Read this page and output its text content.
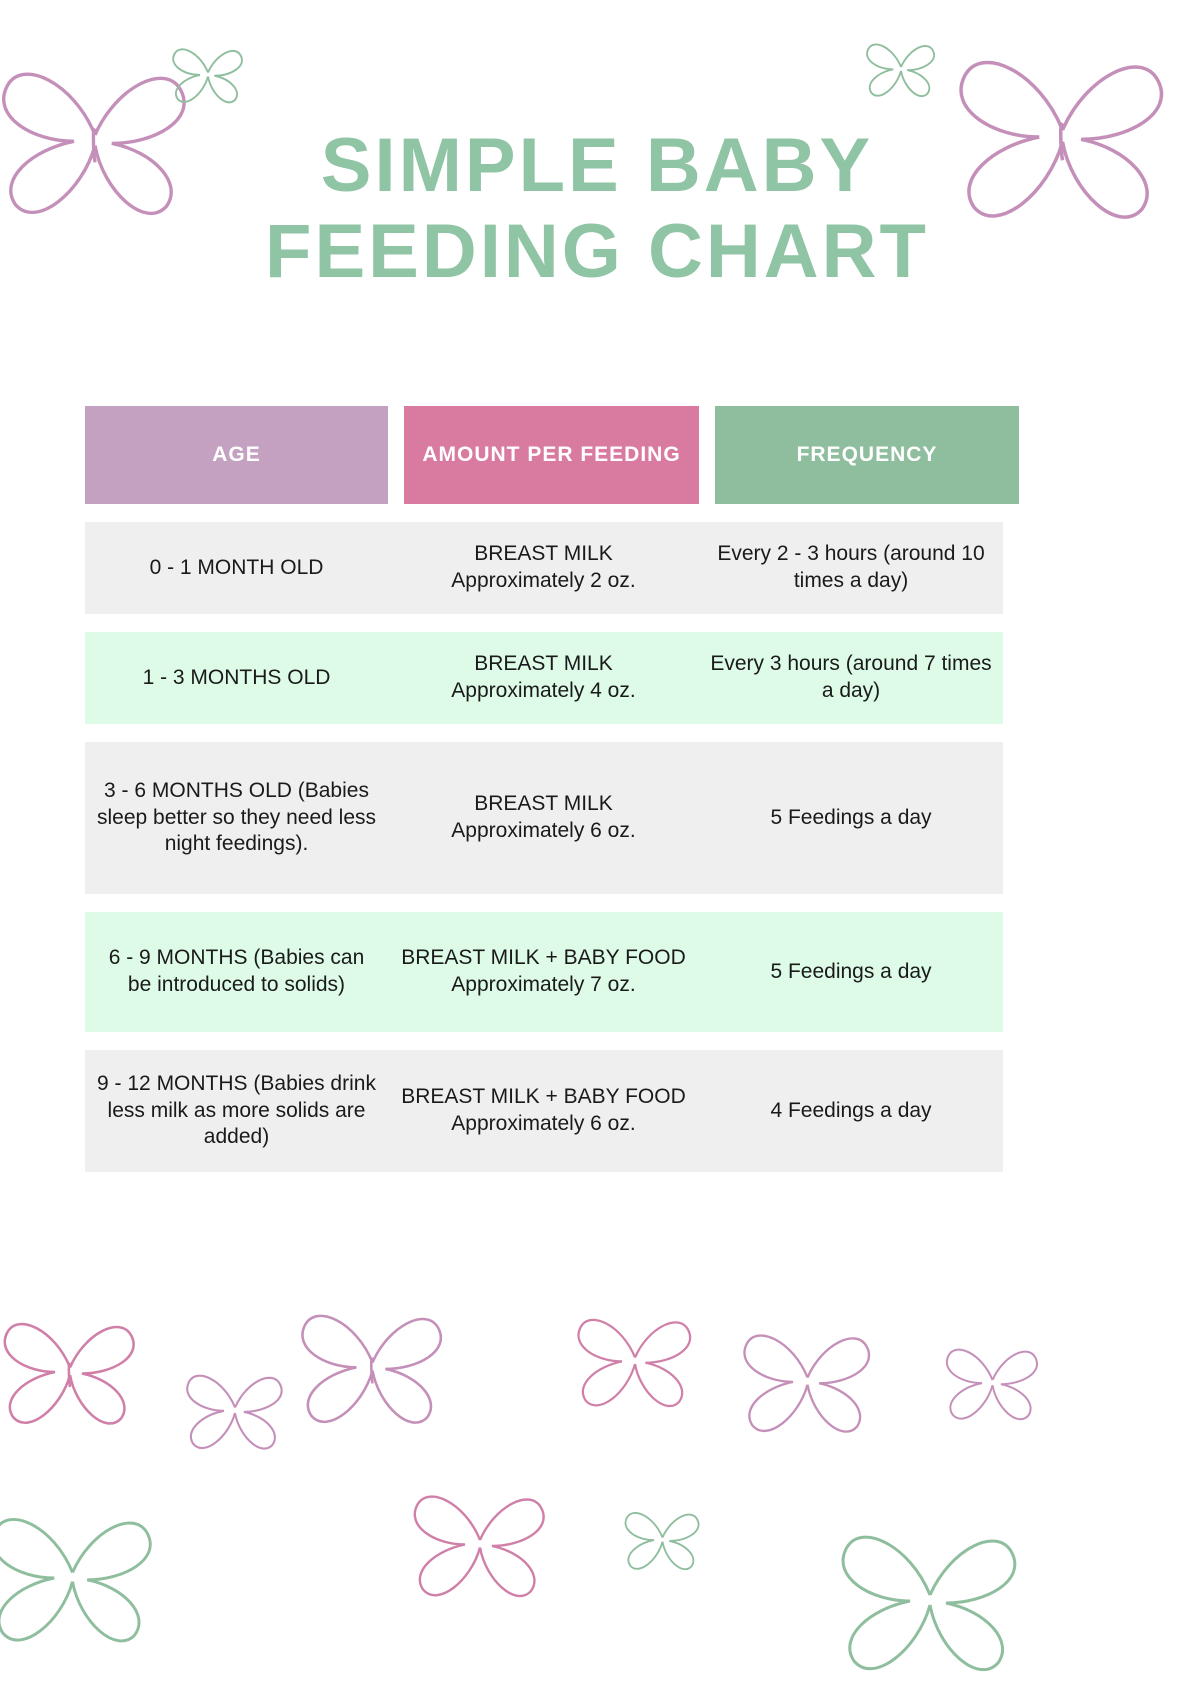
SIMPLE BABY
FEEDING CHART
AGE	AMOUNT PER FEEDING	FREQUENCY
0 - 1 MONTH OLD
BREAST MILK
Approximately 2 oz.
Every 2 - 3 hours (around 10 times a day)
1 - 3 MONTHS OLD
BREAST MILK
Approximately 4 oz.
Every 3 hours (around 7 times a day)
3 - 6 MONTHS OLD (Babies sleep better so they need less night feedings).
BREAST MILK
Approximately 6 oz.
5 Feedings a day
6 - 9 MONTHS (Babies can be introduced to solids)
BREAST MILK + BABY FOOD
Approximately 7 oz.
5 Feedings a day
9 - 12 MONTHS (Babies drink less milk as more solids are added)
BREAST MILK + BABY FOOD
Approximately 6 oz.
4 Feedings a day
